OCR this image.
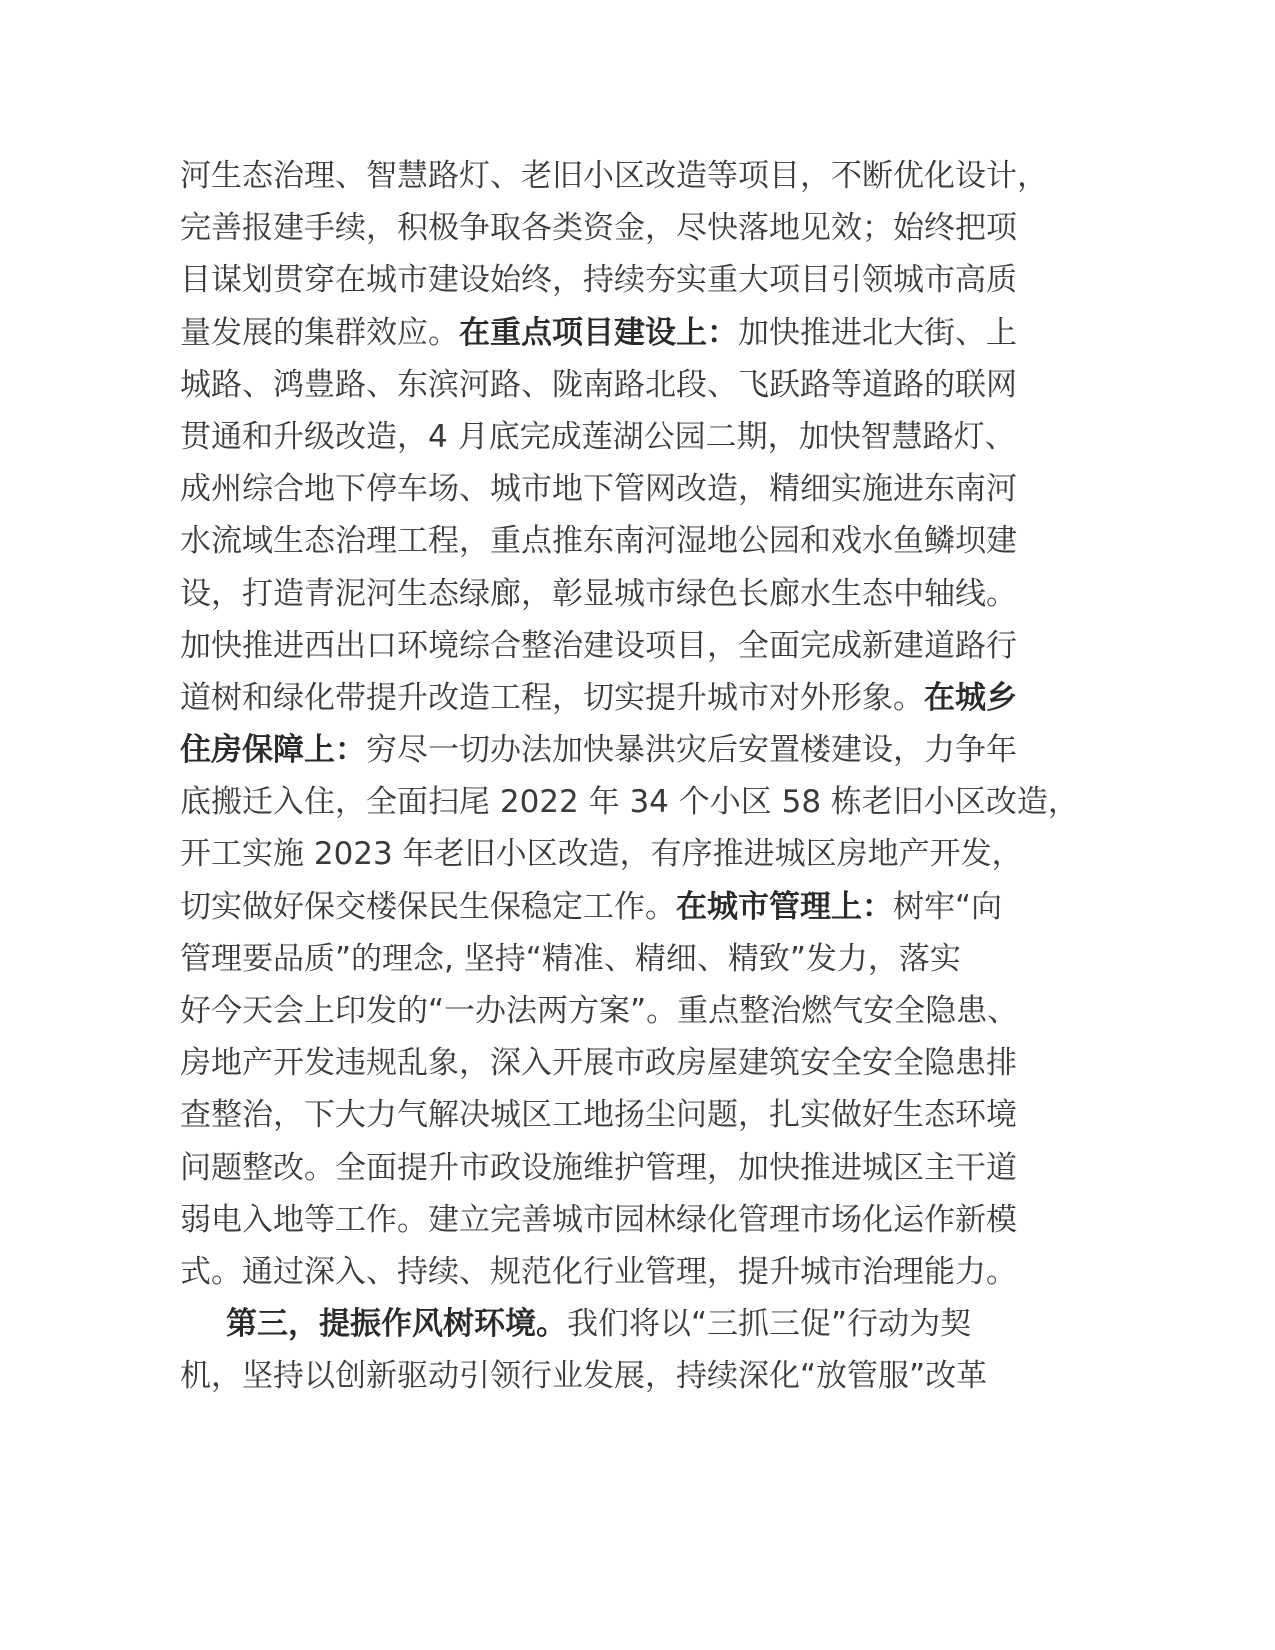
河生态治理、智慧路灯、老旧小区改造等项目，不断优化设计，
完善报建手续，积极争取各类资金，尽快落地见效；始终把项
目谋划贯穿在城市建设始终，持续夯实重大项目引领城市高质
量发展的集群效应。在重点项目建设上：加快推进北大街、上
城路、鸿豊路、东滨河路、陇南路北段、飞跃路等道路的联网
贯通和升级改造，4 月底完成莲湖公园二期，加快智慧路灯、
成州综合地下停车场、城市地下管网改造，精细实施进东南河
水流域生态治理工程，重点推东南河湿地公园和戏水鱼鳞坝建
设，打造青泥河生态绿廊，彰显城市绿色长廊水生态中轴线。
加快推进西出口环境综合整治建设项目，全面完成新建道路行
道树和绿化带提升改造工程，切实提升城市对外形象。在城乡
住房保障上：穷尽一切办法加快暴洪灾后安置楼建设，力争年
底搬迁入住，全面扫尾 2022 年 34 个小区 58 栋老旧小区改造，
开工实施 2023 年老旧小区改造，有序推进城区房地产开发，
切实做好保交楼保民生保稳定工作。在城市管理上：树牢“向
管理要品质”的理念, 坚持“精准、精细、精致”发力，落实
好今天会上印发的“一办法两方案”。重点整治燃气安全隐患、
房地产开发违规乱象，深入开展市政房屋建筑安全安全隐患排
查整治，下大力气解决城区工地扬尘问题，扎实做好生态环境
问题整改。全面提升市政设施维护管理，加快推进城区主干道
弱电入地等工作。建立完善城市园林绿化管理市场化运作新模
式。通过深入、持续、规范化行业管理，提升城市治理能力。
第三，提振作风树环境。我们将以“三抓三促”行动为契
机，坚持以创新驱动引领行业发展，持续深化“放管服”改革
